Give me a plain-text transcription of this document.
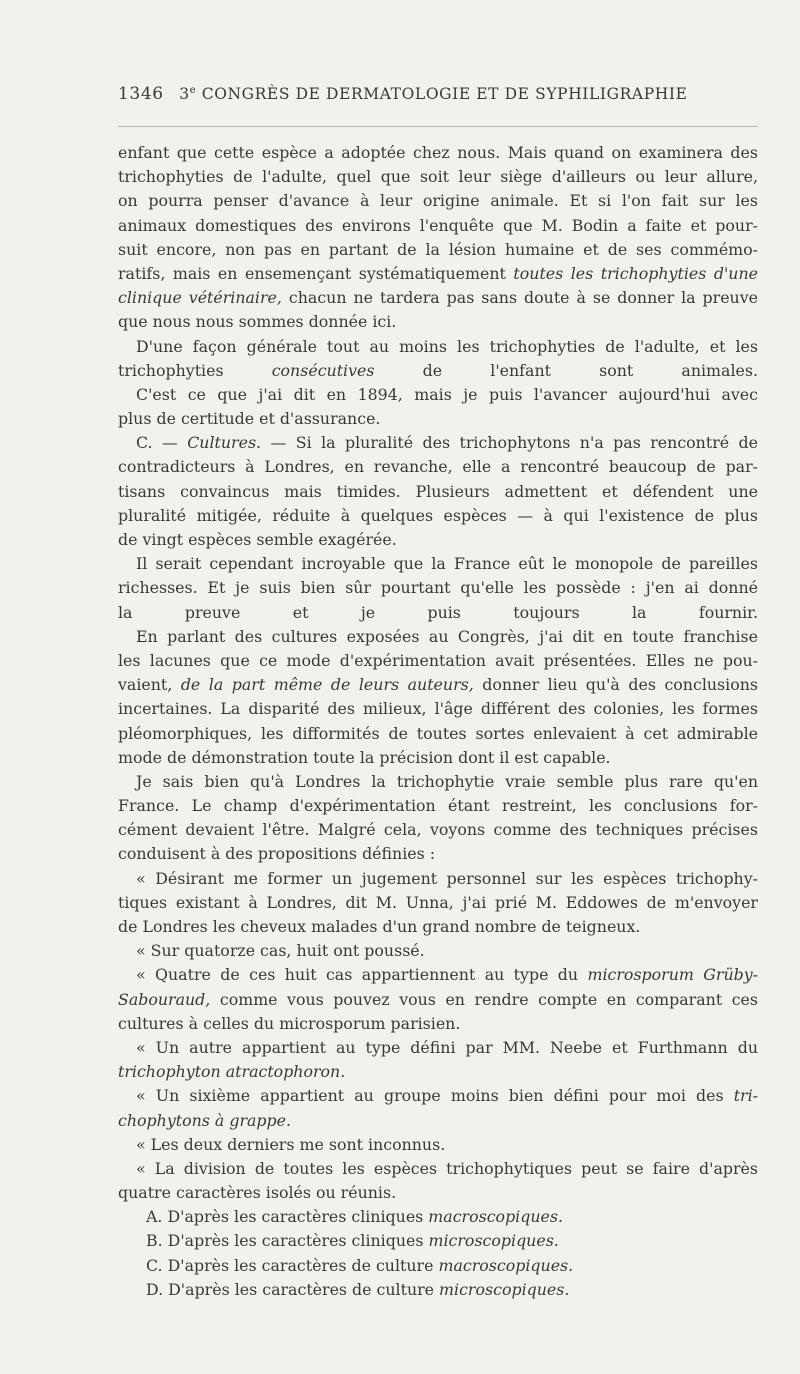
1346 3e CONGRÈS DE DERMATOLOGIE ET DE SYPHILIGRAPHIE
enfant que cette espèce a adoptée chez nous. Mais quand on examinera des
trichophyties de l'adulte, quel que soit leur siège d'ailleurs ou leur allure,
on pourra penser d'avance à leur origine animale. Et si l'on fait sur les
animaux domestiques des environs l'enquête que M. Bodin a faite et pour-
suit encore, non pas en partant de la lésion humaine et de ses commémo-
ratifs, mais en ensemençant systématiquement toutes les trichophyties d'une
clinique vétérinaire, chacun ne tardera pas sans doute à se donner la preuve
que nous nous sommes donnée ici.
D'une façon générale tout au moins les trichophyties de l'adulte, et les
trichophyties consécutives de l'enfant sont animales.
C'est ce que j'ai dit en 1894, mais je puis l'avancer aujourd'hui avec
plus de certitude et d'assurance.
C. — Cultures. — Si la pluralité des trichophytons n'a pas rencontré de
contradicteurs à Londres, en revanche, elle a rencontré beaucoup de par-
tisans convaincus mais timides. Plusieurs admettent et défendent une
pluralité mitigée, réduite à quelques espèces — à qui l'existence de plus
de vingt espèces semble exagérée.
Il serait cependant incroyable que la France eût le monopole de pareilles
richesses. Et je suis bien sûr pourtant qu'elle les possède : j'en ai donné
la preuve et je puis toujours la fournir.
En parlant des cultures exposées au Congrès, j'ai dit en toute franchise
les lacunes que ce mode d'expérimentation avait présentées. Elles ne pou-
vaient, de la part même de leurs auteurs, donner lieu qu'à des conclusions
incertaines. La disparité des milieux, l'âge différent des colonies, les formes
pléomorphiques, les difformités de toutes sortes enlevaient à cet admirable
mode de démonstration toute la précision dont il est capable.
Je sais bien qu'à Londres la trichophytie vraie semble plus rare qu'en
France. Le champ d'expérimentation étant restreint, les conclusions for-
cément devaient l'être. Malgré cela, voyons comme des techniques précises
conduisent à des propositions définies :
« Désirant me former un jugement personnel sur les espèces trichophy-
tiques existant à Londres, dit M. Unna, j'ai prié M. Eddowes de m'envoyer
de Londres les cheveux malades d'un grand nombre de teigneux.
« Sur quatorze cas, huit ont poussé.
« Quatre de ces huit cas appartiennent au type du microsporum Grüby-
Sabouraud, comme vous pouvez vous en rendre compte en comparant ces
cultures à celles du microsporum parisien.
« Un autre appartient au type défini par MM. Neebe et Furthmann du
trichophyton atractophoron.
« Un sixième appartient au groupe moins bien défini pour moi des tri-
chophytons à grappe.
« Les deux derniers me sont inconnus.
« La division de toutes les espèces trichophytiques peut se faire d'après
quatre caractères isolés ou réunis.
A. D'après les caractères cliniques macroscopiques.
B. D'après les caractères cliniques microscopiques.
C. D'après les caractères de culture macroscopiques.
D. D'après les caractères de culture microscopiques.
